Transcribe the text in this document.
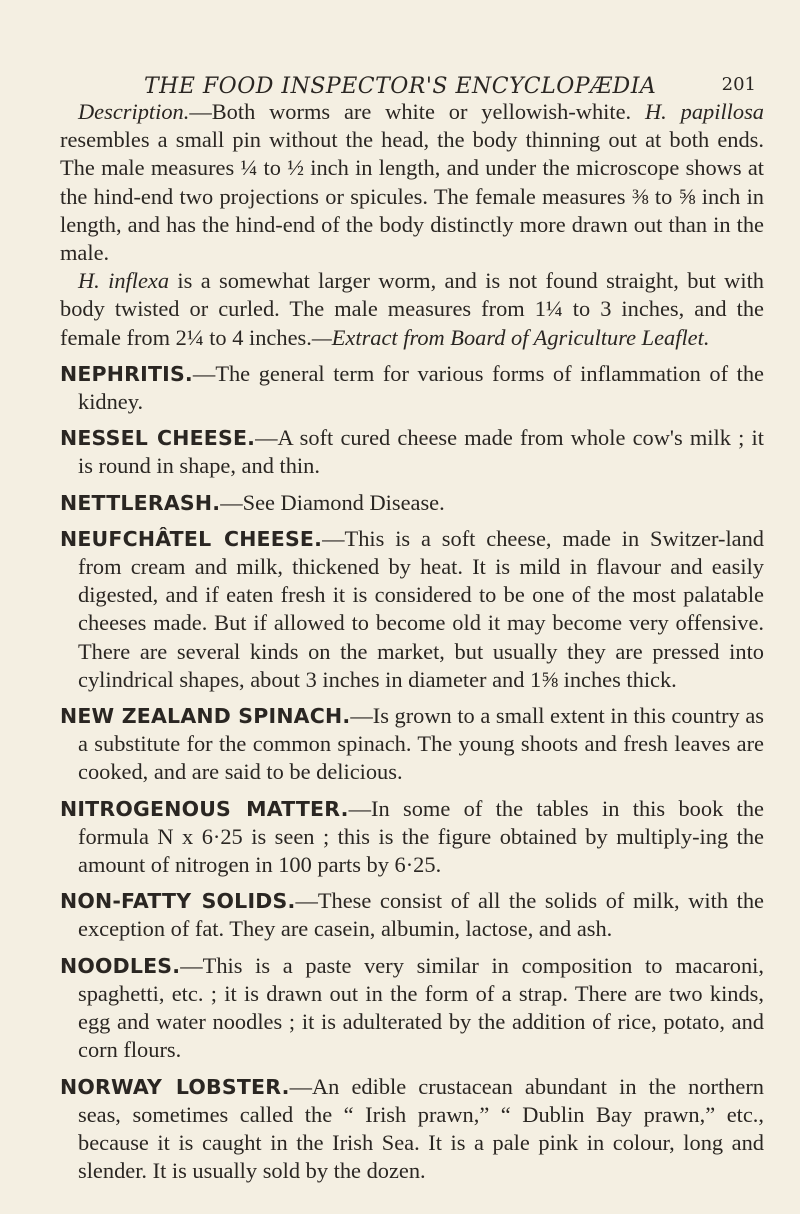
THE FOOD INSPECTOR'S ENCYCLOPÆDIA	201

Description.—Both worms are white or yellowish-white. H. papillosa resembles a small pin without the head, the body thinning out at both ends. The male measures ¼ to ½ inch in length, and under the microscope shows at the hind-end two projections or spicules. The female measures ⅜ to ⅝ inch in length, and has the hind-end of the body distinctly more drawn out than in the male.

H. inflexa is a somewhat larger worm, and is not found straight, but with body twisted or curled. The male measures from 1¼ to 3 inches, and the female from 2¼ to 4 inches.—Extract from Board of Agriculture Leaflet.

NEPHRITIS.—The general term for various forms of inflammation of the kidney.

NESSEL CHEESE.—A soft cured cheese made from whole cow's milk ; it is round in shape, and thin.

NETTLERASH.—See Diamond Disease.

NEUFCHÂTEL CHEESE.—This is a soft cheese, made in Switzer-land from cream and milk, thickened by heat. It is mild in flavour and easily digested, and if eaten fresh it is considered to be one of the most palatable cheeses made. But if allowed to become old it may become very offensive. There are several kinds on the market, but usually they are pressed into cylindrical shapes, about 3 inches in diameter and 1⅝ inches thick.

NEW ZEALAND SPINACH.—Is grown to a small extent in this country as a substitute for the common spinach. The young shoots and fresh leaves are cooked, and are said to be delicious.

NITROGENOUS MATTER.—In some of the tables in this book the formula N x 6·25 is seen ; this is the figure obtained by multiply-ing the amount of nitrogen in 100 parts by 6·25.

NON-FATTY SOLIDS.—These consist of all the solids of milk, with the exception of fat. They are casein, albumin, lactose, and ash.

NOODLES.—This is a paste very similar in composition to macaroni, spaghetti, etc. ; it is drawn out in the form of a strap. There are two kinds, egg and water noodles ; it is adulterated by the addition of rice, potato, and corn flours.

NORWAY LOBSTER.—An edible crustacean abundant in the northern seas, sometimes called the “ Irish prawn,” “ Dublin Bay prawn,” etc., because it is caught in the Irish Sea. It is a pale pink in colour, long and slender. It is usually sold by the dozen.
